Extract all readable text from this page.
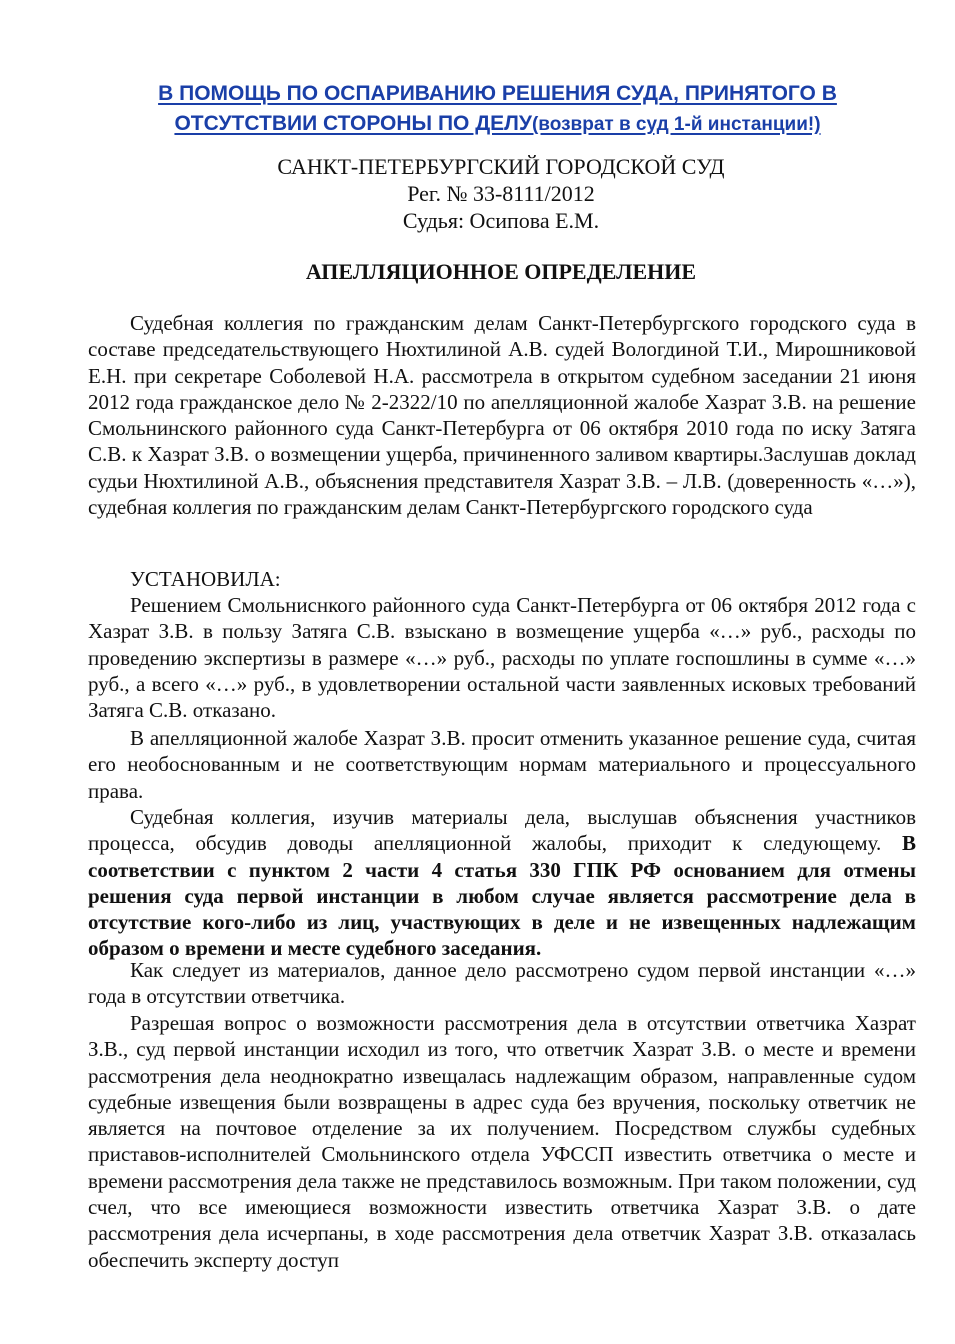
В ПОМОЩЬ ПО ОСПАРИВАНИЮ РЕШЕНИЯ СУДА, ПРИНЯТОГО В
ОТСУТСТВИИ СТОРОНЫ ПО ДЕЛУ(возврат в суд 1-й инстанции!)
САНКТ-ПЕТЕРБУРГСКИЙ ГОРОДСКОЙ СУД
Рег. № 33-8111/2012
Судья: Осипова Е.М.
АПЕЛЛЯЦИОННОЕ ОПРЕДЕЛЕНИЕ

Судебная коллегия по гражданским делам Санкт-Петербургского городского суда в составе председательствующего Нюхтилиной А.В. судей Вологдиной Т.И., Мирошниковой Е.Н. при секретаре Соболевой Н.А. рассмотрела в открытом судебном заседании 21 июня 2012 года гражданское дело № 2-2322/10 по апелляционной жалобе Хазрат З.В. на решение Смольнинского районного суда Санкт-Петербурга от 06 октября 2010 года по иску Затяга С.В. к Хазрат З.В. о возмещении ущерба, причиненного заливом квартиры.Заслушав доклад судьи Нюхтилиной А.В., объяснения представителя Хазрат З.В. – Л.В. (доверенность «…»), судебная коллегия по гражданским делам Санкт-Петербургского городского суда

УСТАНОВИЛА:

Решением Смольниснкого районного суда Санкт-Петербурга от 06 октября 2012 года с Хазрат З.В. в пользу Затяга С.В. взыскано в возмещение ущерба «…» руб., расходы по проведению экспертизы в размере «…» руб., расходы по уплате госпошлины в сумме «…» руб., а всего «…» руб., в удовлетворении остальной части заявленных исковых требований Затяга С.В. отказано.

В апелляционной жалобе Хазрат З.В. просит отменить указанное решение суда, считая его необоснованным и не соответствующим нормам материального и процессуального права.

Судебная коллегия, изучив материалы дела, выслушав объяснения участников процесса, обсудив доводы апелляционной жалобы, приходит к следующему. В соответствии с пунктом 2 части 4 статья 330 ГПК РФ основанием для отмены решения суда первой инстанции в любом случае является рассмотрение дела в отсутствие кого-либо из лиц, участвующих в деле и не извещенных надлежащим образом о времени и месте судебного заседания.

Как следует из материалов, данное дело рассмотрено судом первой инстанции «…» года в отсутствии ответчика.

Разрешая вопрос о возможности рассмотрения дела в отсутствии ответчика Хазрат З.В., суд первой инстанции исходил из того, что ответчик Хазрат З.В. о месте и времени рассмотрения дела неоднократно извещалась надлежащим образом, направленные судом судебные извещения были возвращены в адрес суда без вручения, поскольку ответчик не является на почтовое отделение за их получением. Посредством службы судебных приставов-исполнителей Смольнинского отдела УФССП известить ответчика о месте и времени рассмотрения дела также не представилось возможным. При таком положении, суд счел, что все имеющиеся возможности известить ответчика Хазрат З.В. о дате рассмотрения дела исчерпаны, в ходе рассмотрения дела ответчик Хазрат З.В. отказалась обеспечить эксперту доступ
